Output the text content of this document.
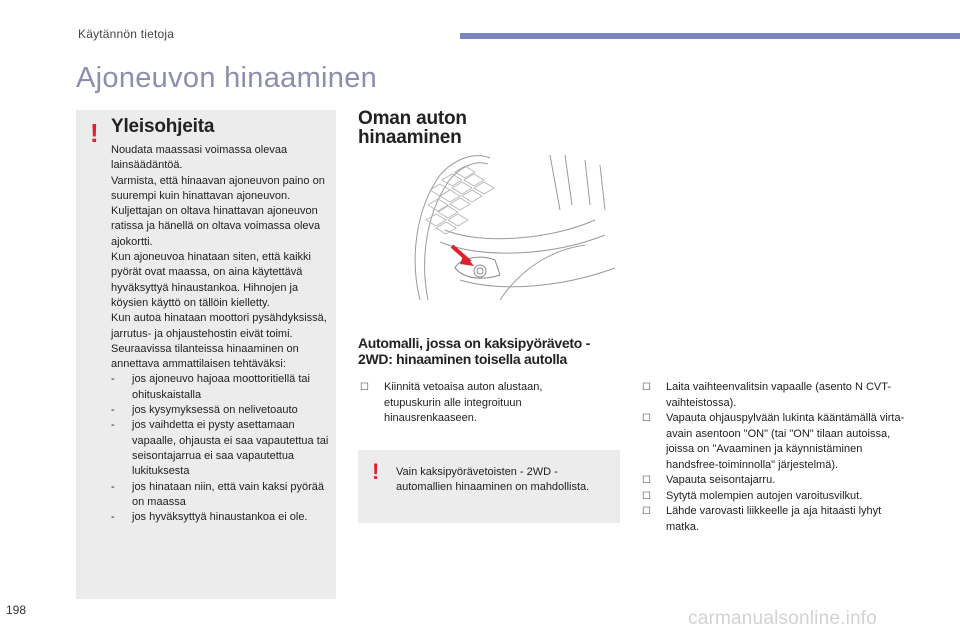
Käytännön tietoja
Ajoneuvon hinaaminen
! Yleisohjeita

Noudata maassasi voimassa olevaa lainsäädäntöä.

Varmista, että hinaavan ajoneuvon paino on suurempi kuin hinattavan ajoneuvon.

Kuljettajan on oltava hinattavan ajoneuvon ratissa ja hänellä on oltava voimassa oleva ajokortti.

Kun ajoneuvoa hinataan siten, että kaikki pyörät ovat maassa, on aina käytettävä hyväksyttyä hinaustankoa. Hihnojen ja köysien käyttö on tällöin kielletty.

Kun autoa hinataan moottori pysähdyksissä, jarrutus- ja ohjaustehostin eivät toimi.

Seuraavissa tilanteissa hinaaminen on annettava ammattilaisen tehtäväksi:

- jos ajoneuvo hajoaa moottoritiellä tai ohituskaistalla
- jos kysymyksessä on nelivetoauto
- jos vaihdetta ei pysty asettamaan vapaalle, ohjausta ei saa vapautettua tai seisontajarrua ei saa vapautettua lukituksesta
- jos hinataan niin, että vain kaksi pyörää on maassa
- jos hyväksyttyä hinaustankoa ei ole.
Oman auton hinaaminen
Automalli, jossa on kaksipyöräveto - 2WD: hinaaminen toisella autolla
☐ Kiinnitä vetoaisa auton alustaan, etupuskurin alle integroituun hinausrenkaaseen.
! Vain kaksipyörävetoisten - 2WD - automallien hinaaminen on mahdollista.

☐ Laita vaihteenvalitsin vapaalle (asento N CVT-vaihteistossa).
☐ Vapauta ohjauspylvään lukinta kääntämällä virta-avain asentoon "ON" (tai "ON" tilaan autoissa, joissa on "Avaaminen ja käynnistäminen handsfree-toiminnolla" järjestelmä).
☐ Vapauta seisontajarru.
☐ Sytytä molempien autojen varoitusvilkut.
☐ Lähde varovasti liikkeelle ja aja hitaasti lyhyt matka.
198	carmanualsonline.info
